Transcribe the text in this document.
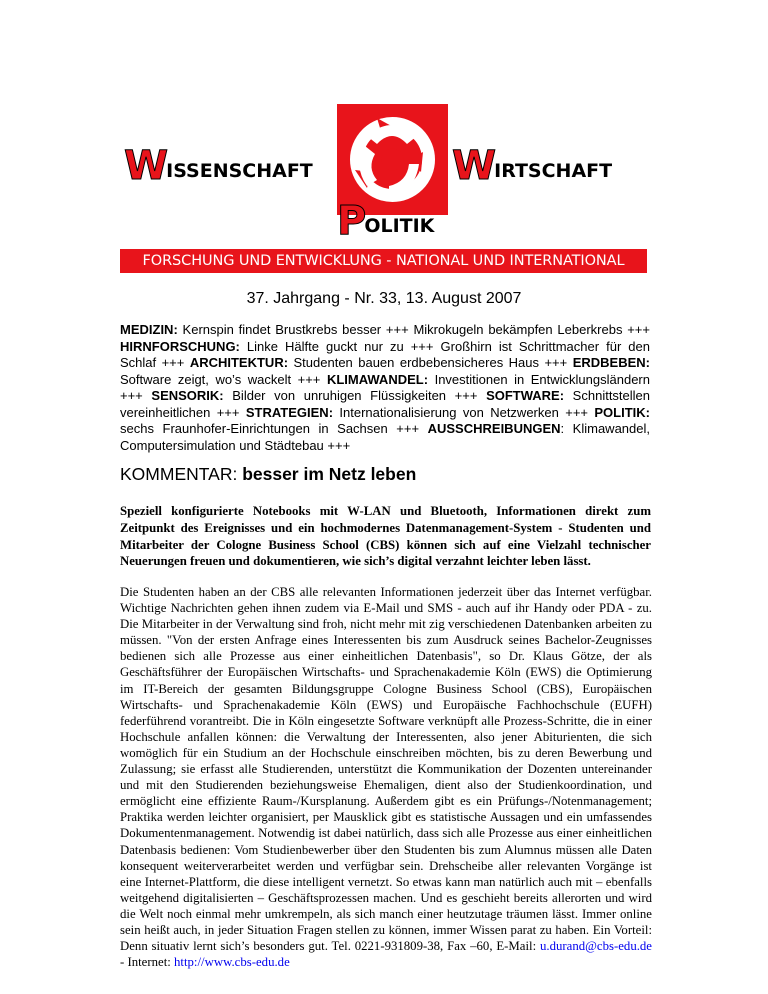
WISSENSCHAFT	WIRTSCHAFT
POLITIK
FORSCHUNG UND ENTWICKLUNG - NATIONAL UND INTERNATIONAL
37. Jahrgang - Nr. 33, 13. August 2007
MEDIZIN: Kernspin findet Brustkrebs besser +++ Mikrokugeln bekämpfen Leberkrebs +++ HIRNFORSCHUNG: Linke Hälfte guckt nur zu +++ Großhirn ist Schrittmacher für den Schlaf +++ ARCHITEKTUR: Studenten bauen erdbebensicheres Haus +++ ERDBEBEN: Software zeigt, wo’s wackelt +++ KLIMAWANDEL: Investitionen in Entwicklungsländern +++ SENSORIK: Bilder von unruhigen Flüssigkeiten +++ SOFTWARE: Schnittstellen vereinheitlichen +++ STRATEGIEN: Internationalisierung von Netzwerken +++ POLITIK: sechs Fraunhofer-Einrichtungen in Sachsen +++ AUSSCHREIBUNGEN: Klimawandel, Computersimulation und Städtebau +++
KOMMENTAR: besser im Netz leben
Speziell konfigurierte Notebooks mit W-LAN und Bluetooth, Informationen direkt zum Zeitpunkt des Ereignisses und ein hochmodernes Datenmanagement-System - Studenten und Mitarbeiter der Cologne Business School (CBS) können sich auf eine Vielzahl technischer Neuerungen freuen und dokumentieren, wie sich’s digital verzahnt leichter leben lässt.
Die Studenten haben an der CBS alle relevanten Informationen jederzeit über das Internet verfügbar. Wichtige Nachrichten gehen ihnen zudem via E-Mail und SMS - auch auf ihr Handy oder PDA - zu. Die Mitarbeiter in der Verwaltung sind froh, nicht mehr mit zig verschiedenen Datenbanken arbeiten zu müssen. "Von der ersten Anfrage eines Interessenten bis zum Ausdruck seines Bachelor-Zeugnisses bedienen sich alle Prozesse aus einer einheitlichen Datenbasis", so Dr. Klaus Götze, der als Geschäftsführer der Europäischen Wirtschafts- und Sprachenakademie Köln (EWS) die Optimierung im IT-Bereich der gesamten Bildungsgruppe Cologne Business School (CBS), Europäischen Wirtschafts- und Sprachenakademie Köln (EWS) und Europäische Fachhochschule (EUFH) federführend vorantreibt. Die in Köln eingesetzte Software verknüpft alle Prozess-Schritte, die in einer Hochschule anfallen können: die Verwaltung der Interessenten, also jener Abiturienten, die sich womöglich für ein Studium an der Hochschule einschreiben möchten, bis zu deren Bewerbung und Zulassung; sie erfasst alle Studierenden, unterstützt die Kommunikation der Dozenten untereinander und mit den Studierenden beziehungsweise Ehemaligen, dient also der Studienkoordination, und ermöglicht eine effiziente Raum-/Kursplanung. Außerdem gibt es ein Prüfungs-/Notenmanagement; Praktika werden leichter organisiert, per Mausklick gibt es statistische Aussagen und ein umfassendes Dokumentenmanagement. Notwendig ist dabei natürlich, dass sich alle Prozesse aus einer einheitlichen Datenbasis bedienen: Vom Studienbewerber über den Studenten bis zum Alumnus müssen alle Daten konsequent weiterverarbeitet werden und verfügbar sein. Drehscheibe aller relevanten Vorgänge ist eine Internet-Plattform, die diese intelligent vernetzt. So etwas kann man natürlich auch mit – ebenfalls weitgehend digitalisierten – Geschäftsprozessen machen. Und es geschieht bereits allerorten und wird die Welt noch einmal mehr umkrempeln, als sich manch einer heutzutage träumen lässt. Immer online sein heißt auch, in jeder Situation Fragen stellen zu können, immer Wissen parat zu haben. Ein Vorteil: Denn situativ lernt sich’s besonders gut. Tel. 0221-931809-38, Fax –60, E-Mail: u.durand@cbs-edu.de - Internet: http://www.cbs-edu.de
